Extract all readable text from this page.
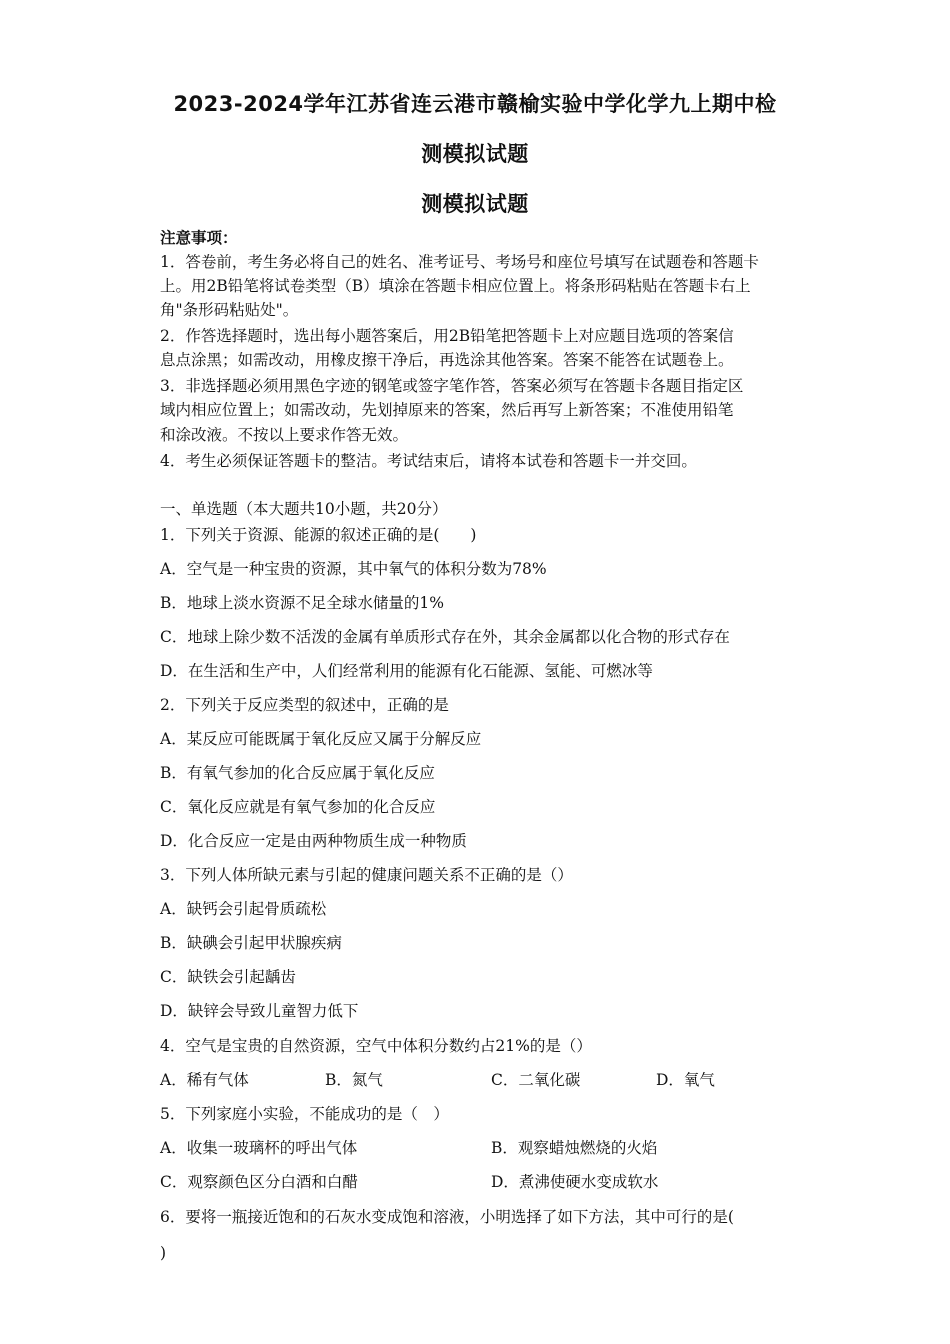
2023-2024学年江苏省连云港市赣榆实验中学化学九上期中检
测模拟试题
测模拟试题
注意事项：
1．答卷前，考生务必将自己的姓名、准考证号、考场号和座位号填写在试题卷和答题卡
上。用2B铅笔将试卷类型（B）填涂在答题卡相应位置上。将条形码粘贴在答题卡右上
角"条形码粘贴处"。
2．作答选择题时，选出每小题答案后，用2B铅笔把答题卡上对应题目选项的答案信
息点涂黑；如需改动，用橡皮擦干净后，再选涂其他答案。答案不能答在试题卷上。
3．非选择题必须用黑色字迹的钢笔或签字笔作答，答案必须写在答题卡各题目指定区
域内相应位置上；如需改动，先划掉原来的答案，然后再写上新答案；不准使用铅笔
和涂改液。不按以上要求作答无效。
4．考生必须保证答题卡的整洁。考试结束后，请将本试卷和答题卡一并交回。
一、单选题（本大题共10小题，共20分）
1．下列关于资源、能源的叙述正确的是(　　)
A．空气是一种宝贵的资源，其中氧气的体积分数为78%
B．地球上淡水资源不足全球水储量的1%
C．地球上除少数不活泼的金属有单质形式存在外，其余金属都以化合物的形式存在
D．在生活和生产中，人们经常利用的能源有化石能源、氢能、可燃冰等
2．下列关于反应类型的叙述中，正确的是
A．某反应可能既属于氧化反应又属于分解反应
B．有氧气参加的化合反应属于氧化反应
C．氧化反应就是有氧气参加的化合反应
D．化合反应一定是由两种物质生成一种物质
3．下列人体所缺元素与引起的健康问题关系不正确的是（）
A．缺钙会引起骨质疏松
B．缺碘会引起甲状腺疾病
C．缺铁会引起龋齿
D．缺锌会导致儿童智力低下
4．空气是宝贵的自然资源，空气中体积分数约占21%的是（）
A．稀有气体	B．氮气	C．二氧化碳	D．氧气
5．下列家庭小实验，不能成功的是（　）
A．收集一玻璃杯的呼出气体	B．观察蜡烛燃烧的火焰
C．观察颜色区分白酒和白醋	D．煮沸使硬水变成软水
6．要将一瓶接近饱和的石灰水变成饱和溶液，小明选择了如下方法，其中可行的是(
)
